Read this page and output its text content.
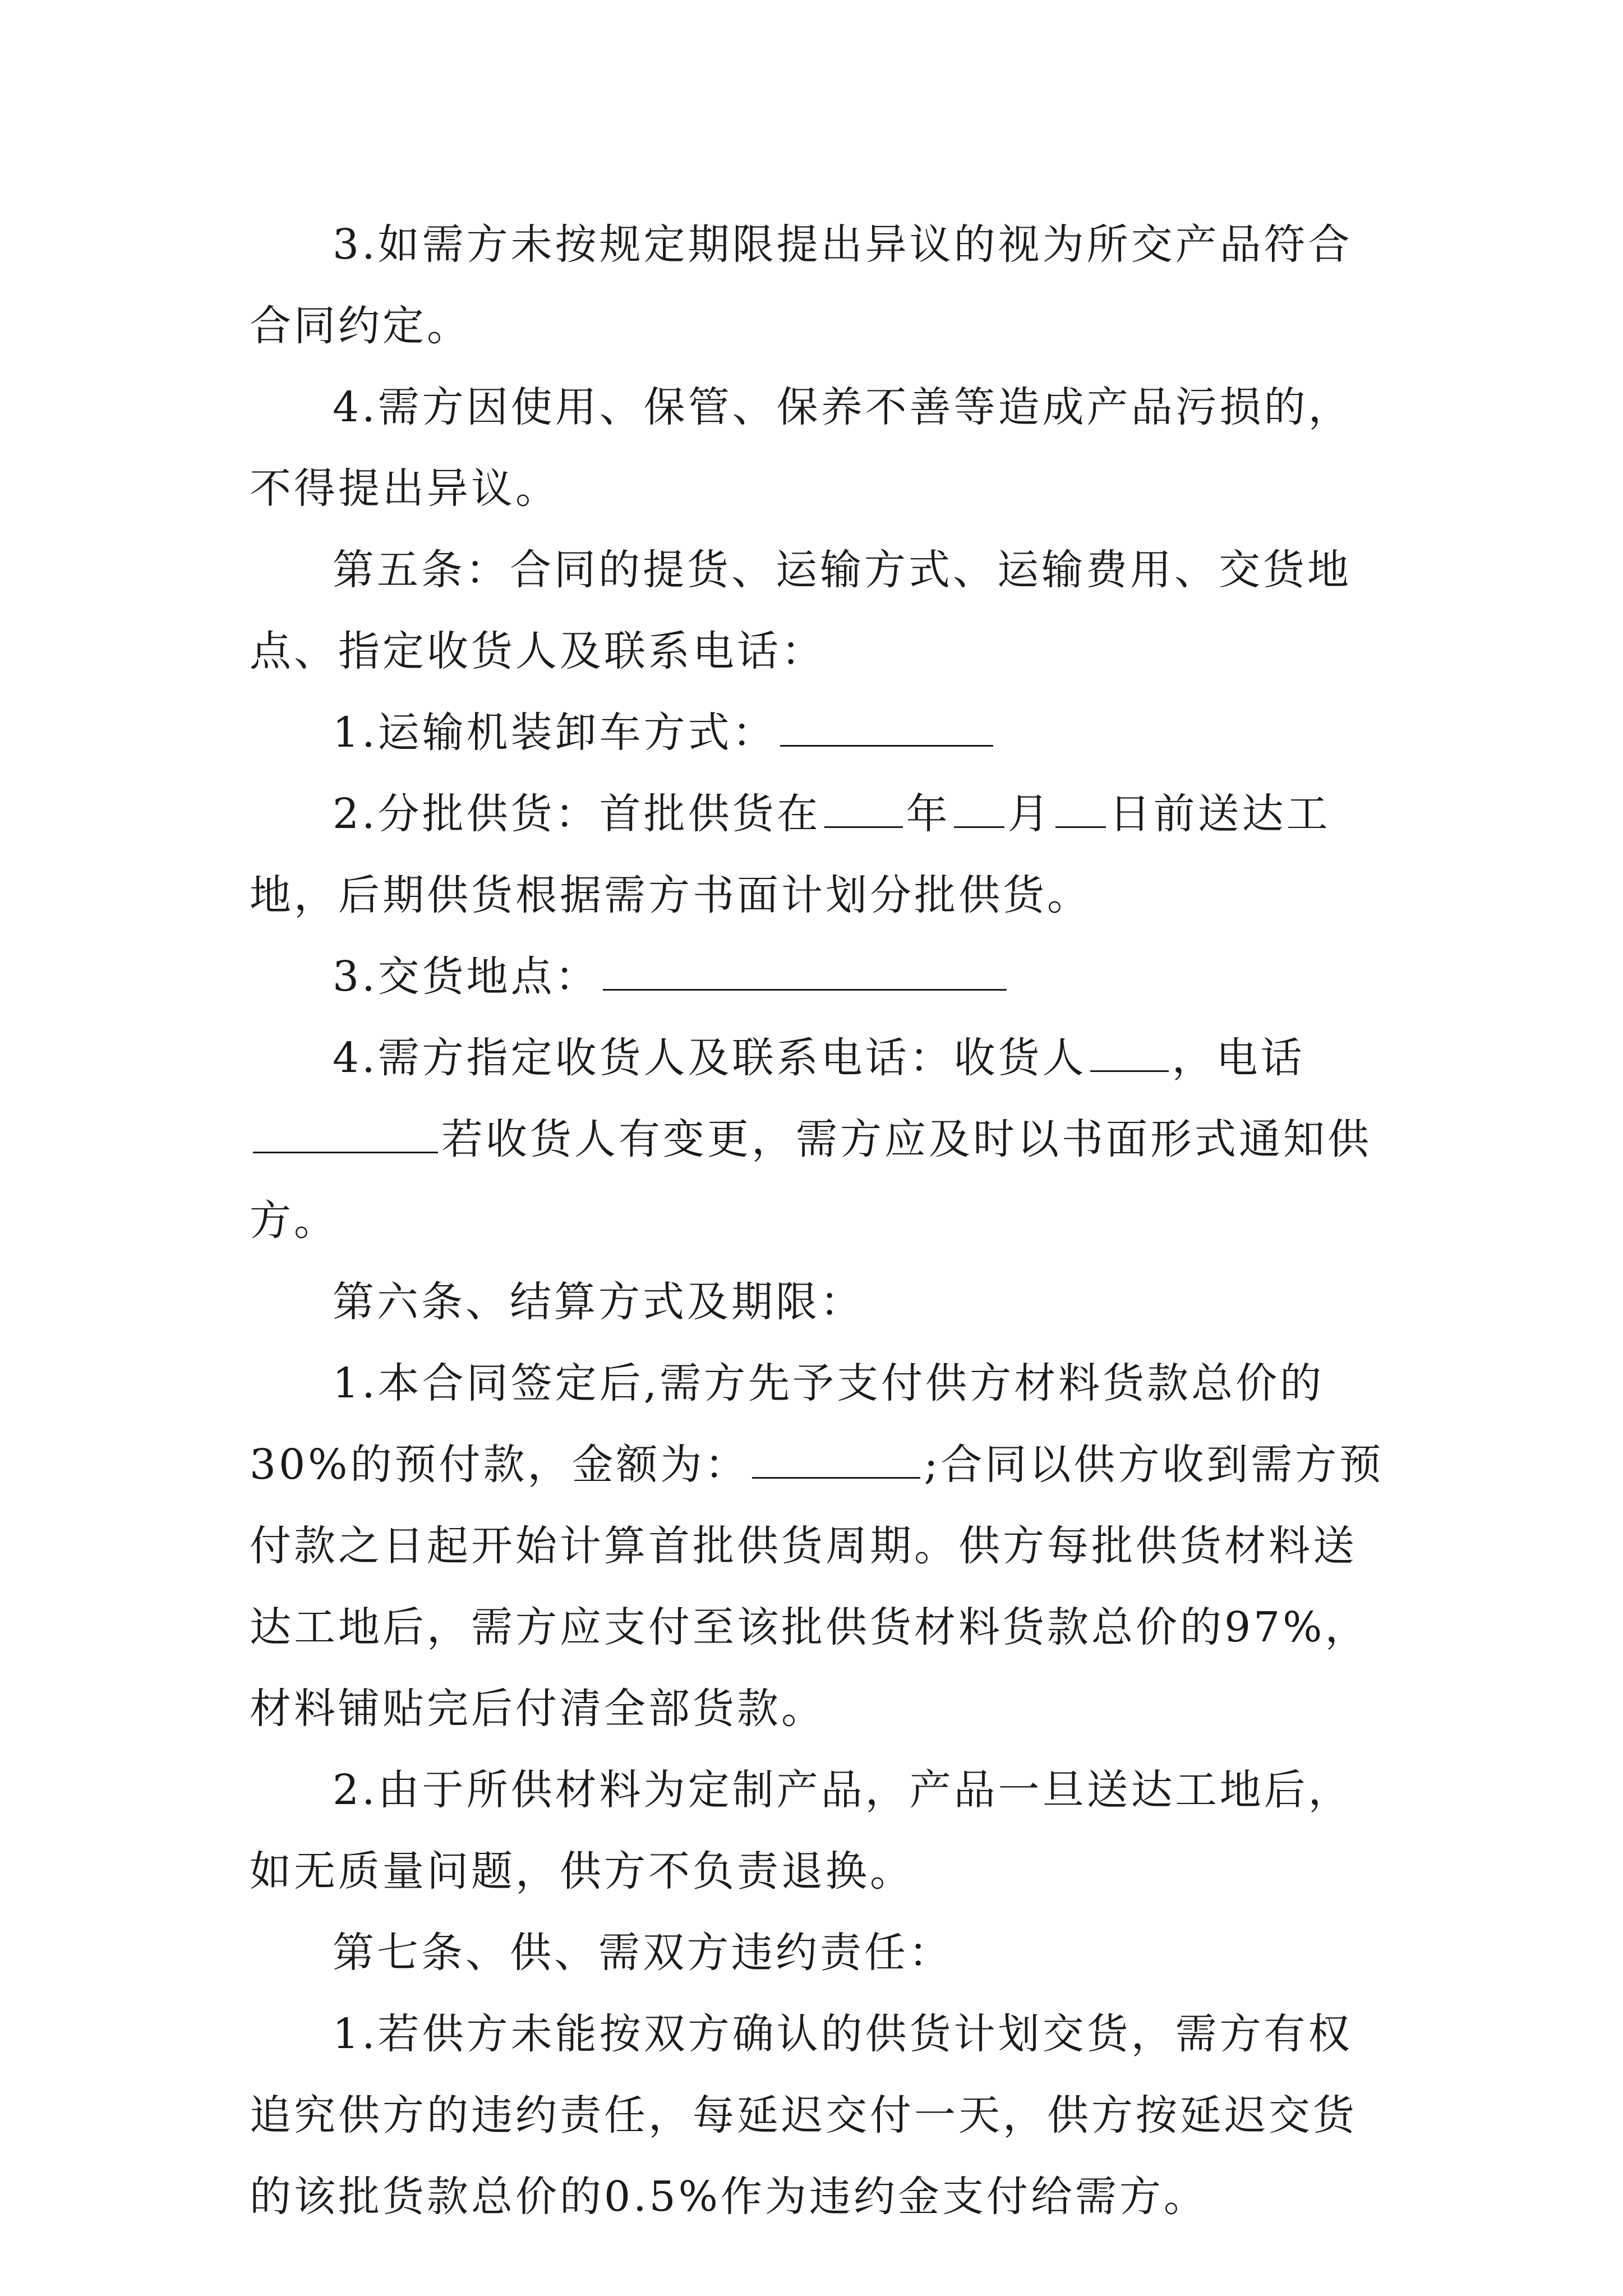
3.如需方未按规定期限提出异议的视为所交产品符合合同约定。

4.需方因使用、保管、保养不善等造成产品污损的，不得提出异议。

第五条：合同的提货、运输方式、运输费用、交货地点、指定收货人及联系电话：

1.运输机装卸车方式：

2.分批供货：首批供货在 年 月 日前送达工地，后期供货根据需方书面计划分批供货。

3.交货地点：

4.需方指定收货人及联系电话：收货人 ，电话若收货人有变更，需方应及时以书面形式通知供方。

第六条、结算方式及期限：

1.本合同签定后,需方先予支付供方材料货款总价的30%的预付款，金额为：	;合同以供方收到需方预付款之日起开始计算首批供货周期。供方每批供货材料送达工地后，需方应支付至该批供货材料货款总价的97%，材料铺贴完后付清全部货款。

2.由于所供材料为定制产品，产品一旦送达工地后，如无质量问题，供方不负责退换。

第七条、供、需双方违约责任：

1.若供方未能按双方确认的供货计划交货，需方有权追究供方的违约责任，每延迟交付一天，供方按延迟交货的该批货款总价的0.5%作为违约金支付给需方。
